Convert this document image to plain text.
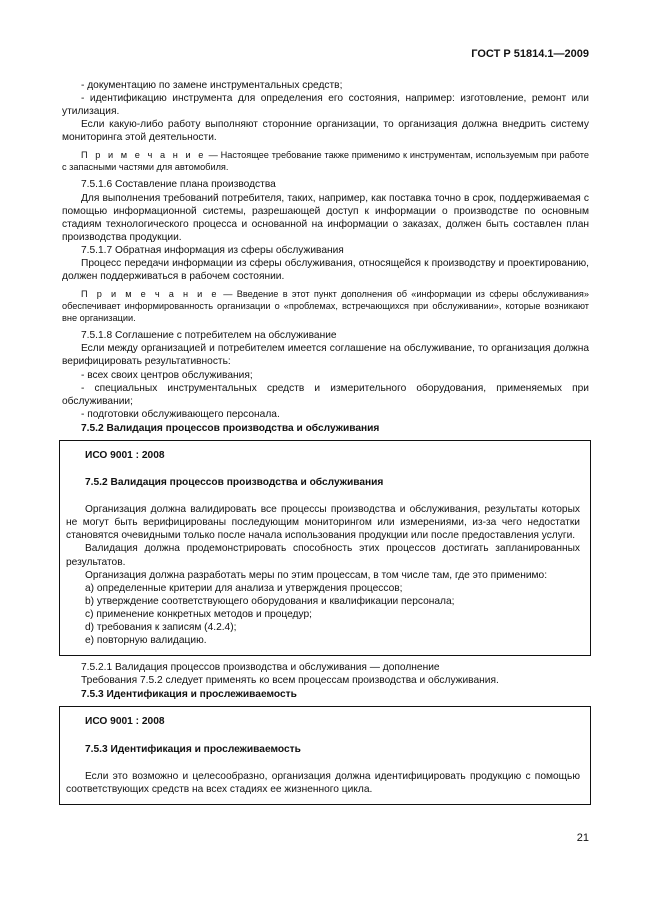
ГОСТ Р 51814.1—2009

- документацию по замене инструментальных средств;

- идентификацию инструмента для определения его состояния, например: изготовление, ремонт или утилизация.

Если какую-либо работу выполняют сторонние организации, то организация должна внедрить систему мониторинга этой деятельности.

П р и м е ч а н и е — Настоящее требование также применимо к инструментам, используемым при работе с запасными частями для автомобиля.

7.5.1.6 Составление плана производства

Для выполнения требований потребителя, таких, например, как поставка точно в срок, поддерживаемая с помощью информационной системы, разрешающей доступ к информации о производстве по основным стадиям технологического процесса и основанной на информации о заказах, должен быть составлен план производства продукции.

7.5.1.7 Обратная информация из сферы обслуживания

Процесс передачи информации из сферы обслуживания, относящейся к производству и проектированию, должен поддерживаться в рабочем состоянии.

П р и м е ч а н и е — Введение в этот пункт дополнения об «информации из сферы обслуживания» обеспечивает информированность организации о «проблемах, встречающихся при обслуживании», которые возникают вне организации.

7.5.1.8 Соглашение с потребителем на обслуживание

Если между организацией и потребителем имеется соглашение на обслуживание, то организация должна верифицировать результативность:

- всех своих центров обслуживания;

- специальных инструментальных средств и измерительного оборудования, применяемых при обслуживании;

- подготовки обслуживающего персонала.

7.5.2 Валидация процессов производства и обслуживания

ИСО 9001 : 2008

7.5.2 Валидация процессов производства и обслуживания

Организация должна валидировать все процессы производства и обслуживания, результаты которых не могут быть верифицированы последующим мониторингом или измерениями, из-за чего недостатки становятся очевидными только после начала использования продукции или после предоставления услуги.

Валидация должна продемонстрировать способность этих процессов достигать запланированных результатов.

Организация должна разработать меры по этим процессам, в том числе там, где это применимо:

а) определенные критерии для анализа и утверждения процессов;

b) утверждение соответствующего оборудования и квалификации персонала;

c) применение конкретных методов и процедур;

d) требования к записям (4.2.4);

e) повторную валидацию.

7.5.2.1 Валидация процессов производства и обслуживания — дополнение

Требования 7.5.2 следует применять ко всем процессам производства и обслуживания.

7.5.3 Идентификация и прослеживаемость

ИСО 9001 : 2008

7.5.3 Идентификация и прослеживаемость

Если это возможно и целесообразно, организация должна идентифицировать продукцию с помощью соответствующих средств на всех стадиях ее жизненного цикла.

21
